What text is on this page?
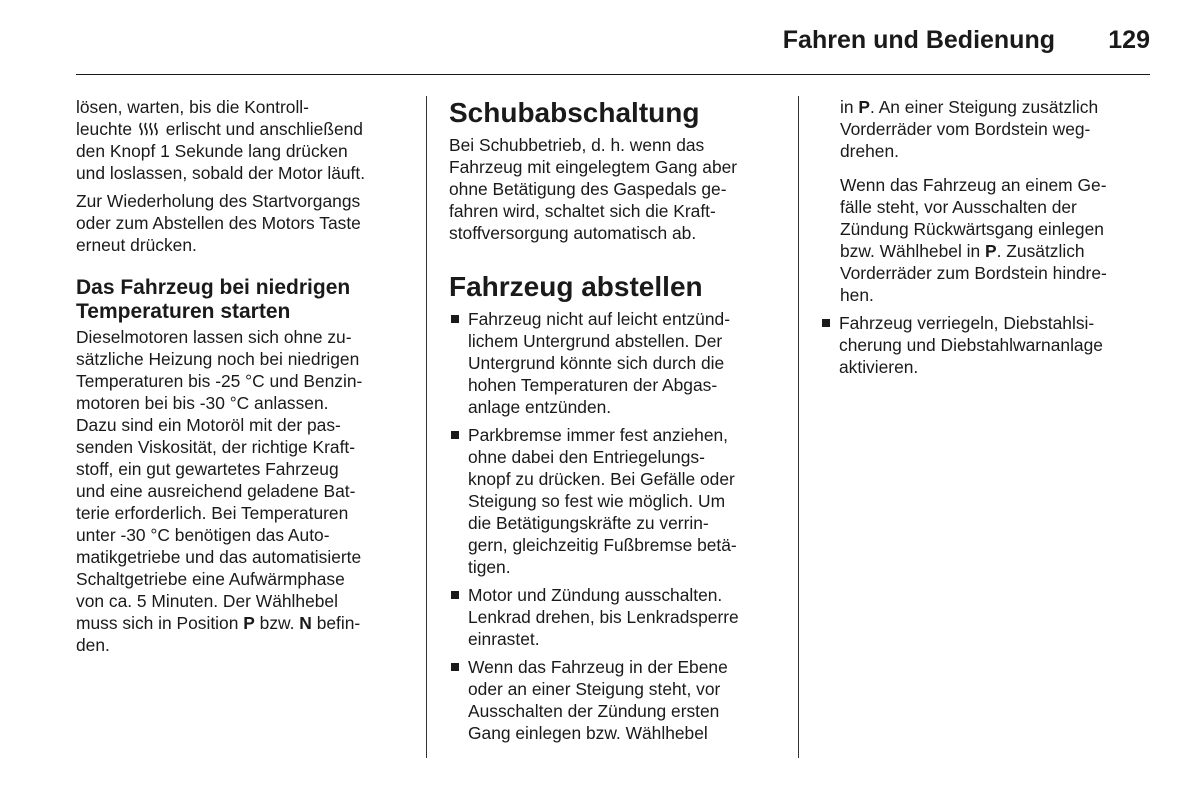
Fahren und Bedienung 129

lösen, warten, bis die Kontroll-
leuchte erlischt und anschließend
den Knopf 1 Sekunde lang drücken
und loslassen, sobald der Motor läuft.

Zur Wiederholung des Startvorgangs
oder zum Abstellen des Motors Taste
erneut drücken.

Das Fahrzeug bei niedrigen
Temperaturen starten

Dieselmotoren lassen sich ohne zu-
sätzliche Heizung noch bei niedrigen
Temperaturen bis -25 °C und Benzin-
motoren bei bis -30 °C anlassen.
Dazu sind ein Motoröl mit der pas-
senden Viskosität, der richtige Kraft-
stoff, ein gut gewartetes Fahrzeug
und eine ausreichend geladene Bat-
terie erforderlich. Bei Temperaturen
unter -30 °C benötigen das Auto-
matikgetriebe und das automatisierte
Schaltgetriebe eine Aufwärmphase
von ca. 5 Minuten. Der Wählhebel
muss sich in Position P bzw. N befin-
den.

Schubabschaltung

Bei Schubbetrieb, d. h. wenn das
Fahrzeug mit eingelegtem Gang aber
ohne Betätigung des Gaspedals ge-
fahren wird, schaltet sich die Kraft-
stoffversorgung automatisch ab.

Fahrzeug abstellen
Fahrzeug nicht auf leicht entzünd-
lichem Untergrund abstellen. Der
Untergrund könnte sich durch die
hohen Temperaturen der Abgas-
anlage entzünden.
Parkbremse immer fest anziehen,
ohne dabei den Entriegelungs-
knopf zu drücken. Bei Gefälle oder
Steigung so fest wie möglich. Um
die Betätigungskräfte zu verrin-
gern, gleichzeitig Fußbremse betä-
tigen.
Motor und Zündung ausschalten.
Lenkrad drehen, bis Lenkradsperre
einrastet.
Wenn das Fahrzeug in der Ebene
oder an einer Steigung steht, vor
Ausschalten der Zündung ersten
Gang einlegen bzw. Wählhebel

in P. An einer Steigung zusätzlich
Vorderräder vom Bordstein weg-
drehen.

Wenn das Fahrzeug an einem Ge-
fälle steht, vor Ausschalten der
Zündung Rückwärtsgang einlegen
bzw. Wählhebel in P. Zusätzlich
Vorderräder zum Bordstein hindre-
hen.

Fahrzeug verriegeln, Diebstahlsi-
cherung und Diebstahlwarnanlage
aktivieren.
